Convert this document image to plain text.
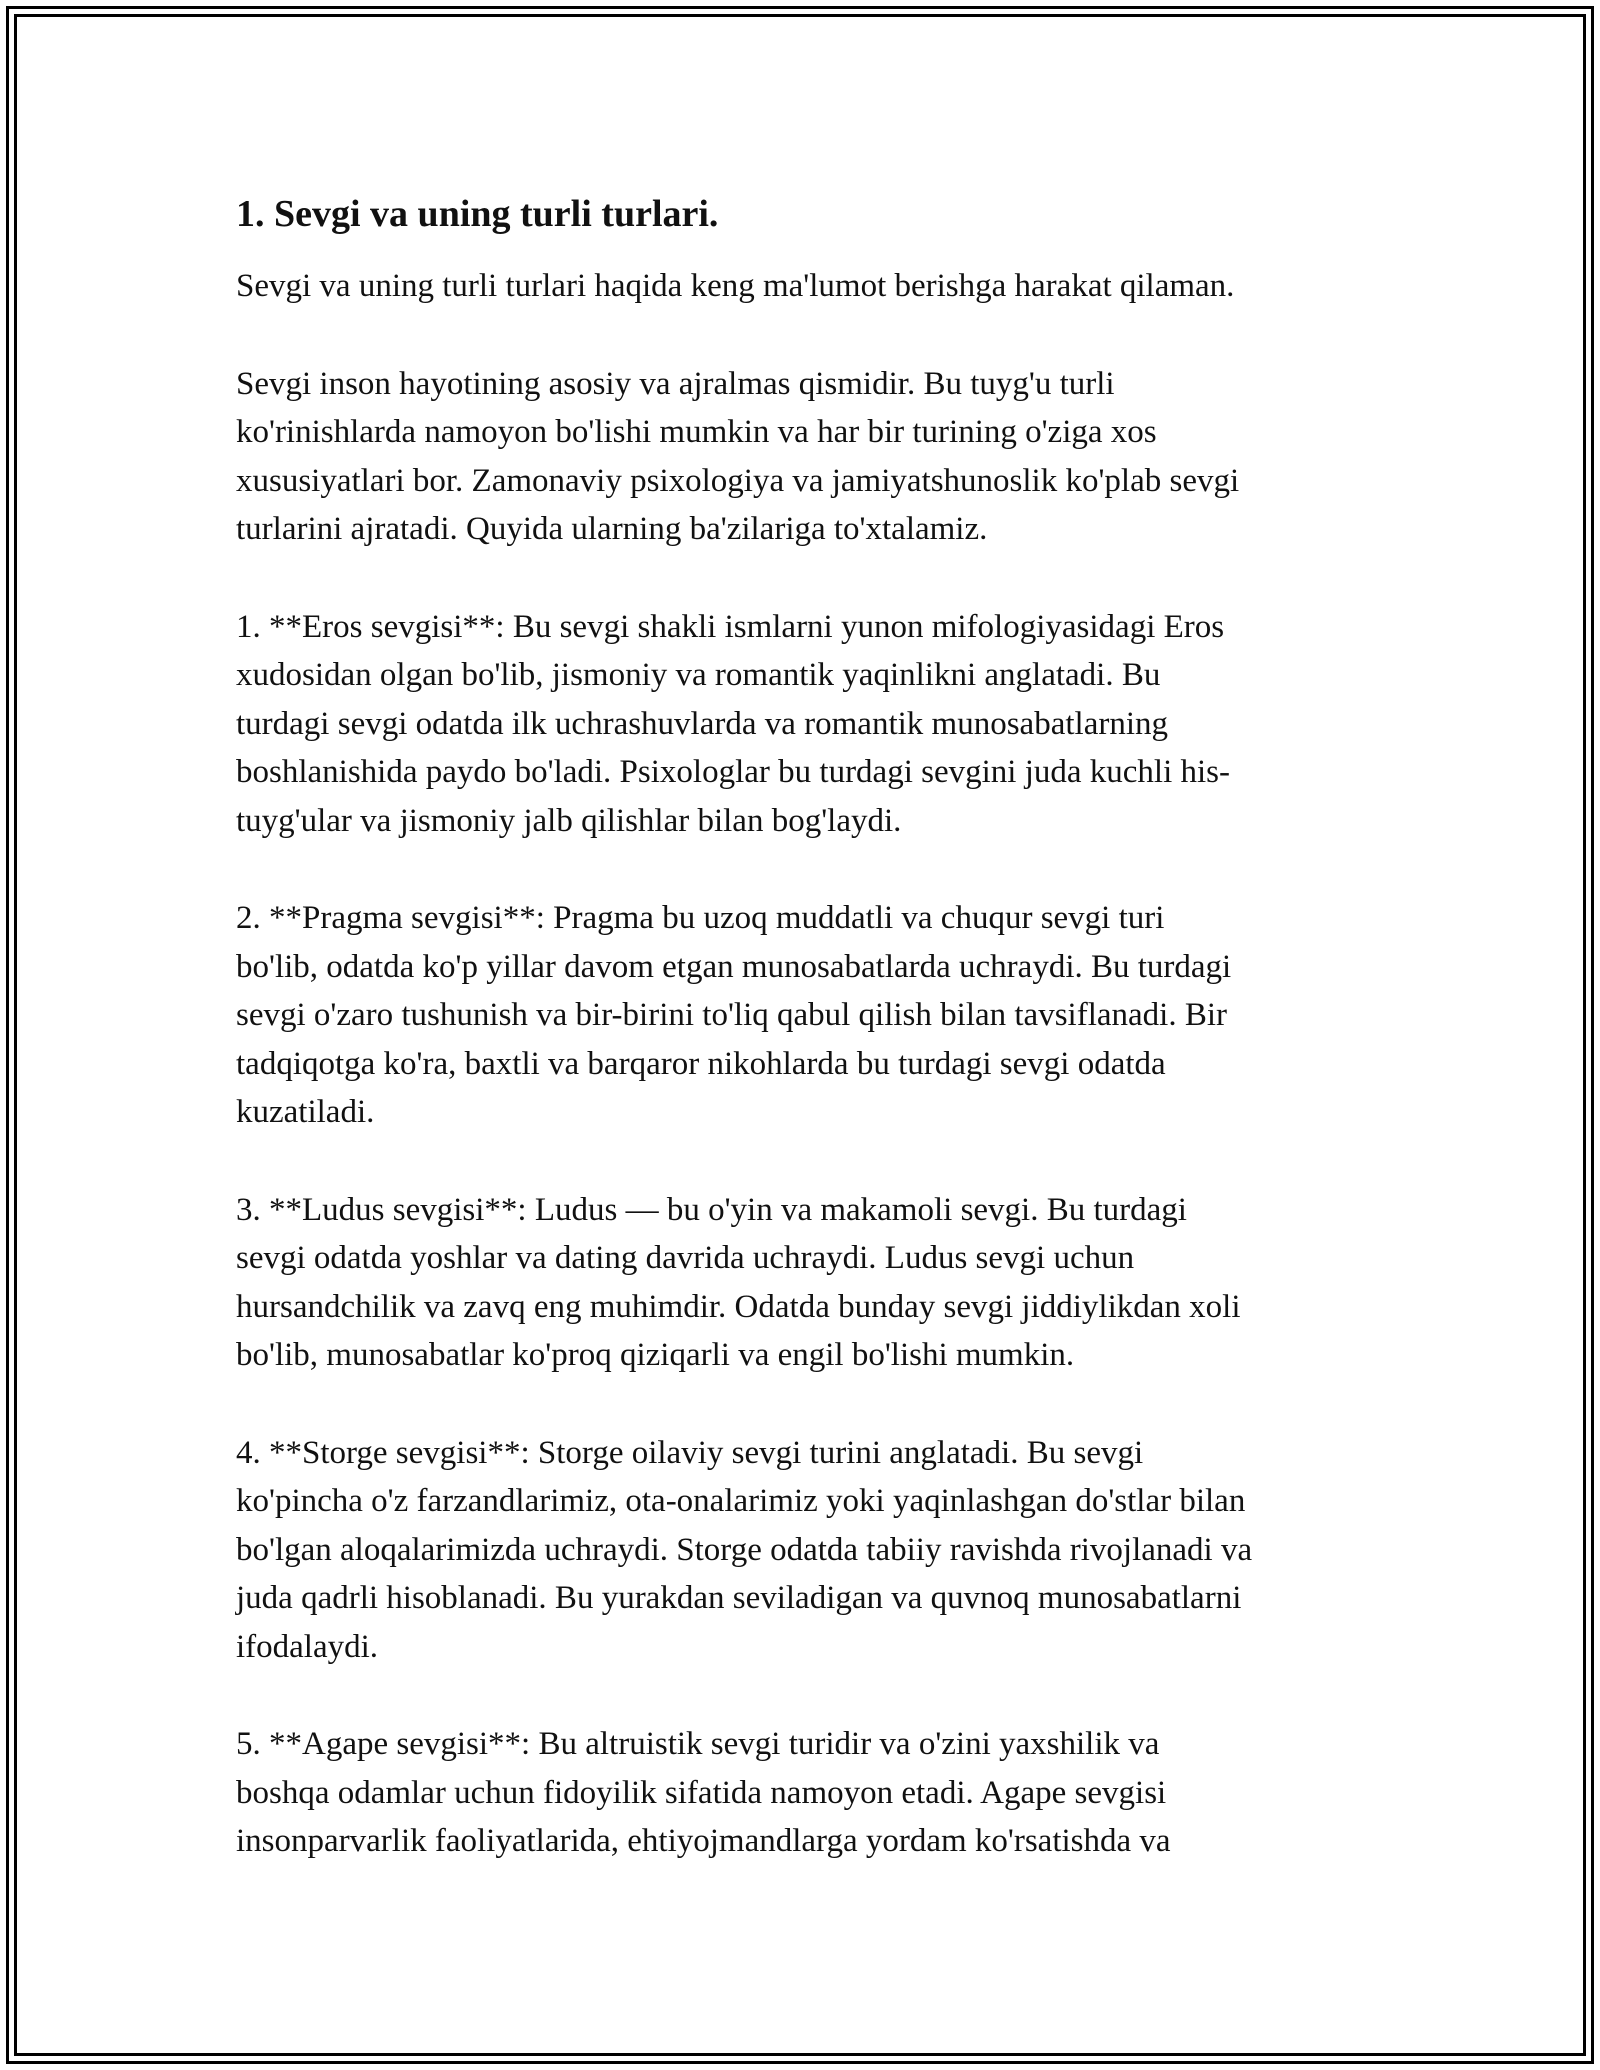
1. Sevgi va uning turli turlari.

Sevgi va uning turli turlari haqida keng ma'lumot berishga harakat qilaman.

Sevgi inson hayotining asosiy va ajralmas qismidir. Bu tuyg'u turli
ko'rinishlarda namoyon bo'lishi mumkin va har bir turining o'ziga xos
xususiyatlari bor. Zamonaviy psixologiya va jamiyatshunoslik ko'plab sevgi
turlarini ajratadi. Quyida ularning ba'zilariga to'xtalamiz.

1. **Eros sevgisi**: Bu sevgi shakli ismlarni yunon mifologiyasidagi Eros
xudosidan olgan bo'lib, jismoniy va romantik yaqinlikni anglatadi. Bu
turdagi sevgi odatda ilk uchrashuvlarda va romantik munosabatlarning
boshlanishida paydo bo'ladi. Psixologlar bu turdagi sevgini juda kuchli his-
tuyg'ular va jismoniy jalb qilishlar bilan bog'laydi.

2. **Pragma sevgisi**: Pragma bu uzoq muddatli va chuqur sevgi turi
bo'lib, odatda ko'p yillar davom etgan munosabatlarda uchraydi. Bu turdagi
sevgi o'zaro tushunish va bir-birini to'liq qabul qilish bilan tavsiflanadi. Bir
tadqiqotga ko'ra, baxtli va barqaror nikohlarda bu turdagi sevgi odatda
kuzatiladi.

3. **Ludus sevgisi**: Ludus — bu o'yin va makamoli sevgi. Bu turdagi
sevgi odatda yoshlar va dating davrida uchraydi. Ludus sevgi uchun
hursandchilik va zavq eng muhimdir. Odatda bunday sevgi jiddiylikdan xoli
bo'lib, munosabatlar ko'proq qiziqarli va engil bo'lishi mumkin.

4. **Storge sevgisi**: Storge oilaviy sevgi turini anglatadi. Bu sevgi
ko'pincha o'z farzandlarimiz, ota-onalarimiz yoki yaqinlashgan do'stlar bilan
bo'lgan aloqalarimizda uchraydi. Storge odatda tabiiy ravishda rivojlanadi va
juda qadrli hisoblanadi. Bu yurakdan seviladigan va quvnoq munosabatlarni
ifodalaydi.

5. **Agape sevgisi**: Bu altruistik sevgi turidir va o'zini yaxshilik va
boshqa odamlar uchun fidoyilik sifatida namoyon etadi. Agape sevgisi
insonparvarlik faoliyatlarida, ehtiyojmandlarga yordam ko'rsatishda va
